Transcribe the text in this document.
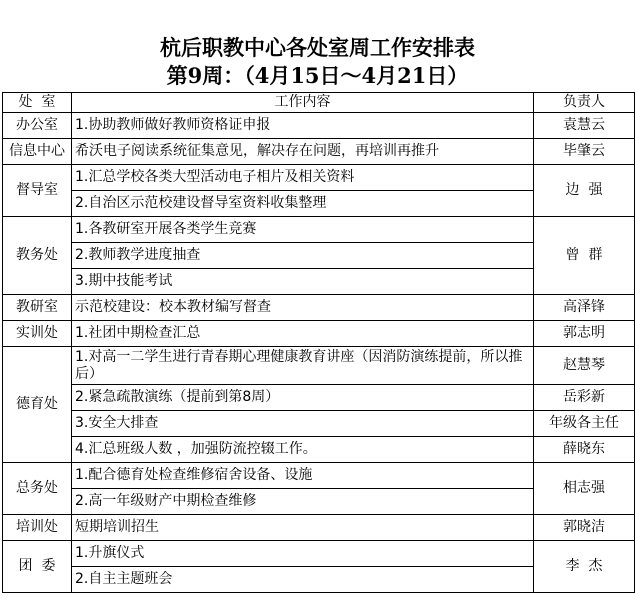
杭后职教中心各处室周工作安排表
第9周：（4月15日～4月21日）
处  室	工作内容	负责人
办公室	1.协助教师做好教师资格证申报	袁慧云
信息中心	希沃电子阅读系统征集意见，解决存在问题，再培训再推升	毕肇云
督导室	1.汇总学校各类大型活动电子相片及相关资料	边  强
	2.自治区示范校建设督导室资料收集整理	
教务处	1.各教研室开展各类学生竞赛	曾  群
	2.教师教学进度抽查	
	3.期中技能考试	
教研室	示范校建设：校本教材编写督查	高泽锋
实训处	1.社团中期检查汇总	郭志明
德育处	1.对高一二学生进行青春期心理健康教育讲座（因消防演练提前，所以推后）	赵慧琴
	2.紧急疏散演练（提前到第8周）	岳彩新
	3.安全大排查	年级各主任
	4.汇总班级人数 ，加强防流控辍工作。	薛晓东
总务处	1.配合德育处检查维修宿舍设备、设施	相志强
	2.高一年级财产中期检查维修	
培训处	短期培训招生	郭晓洁
团  委	1.升旗仪式	李  杰
	2.自主主题班会	
